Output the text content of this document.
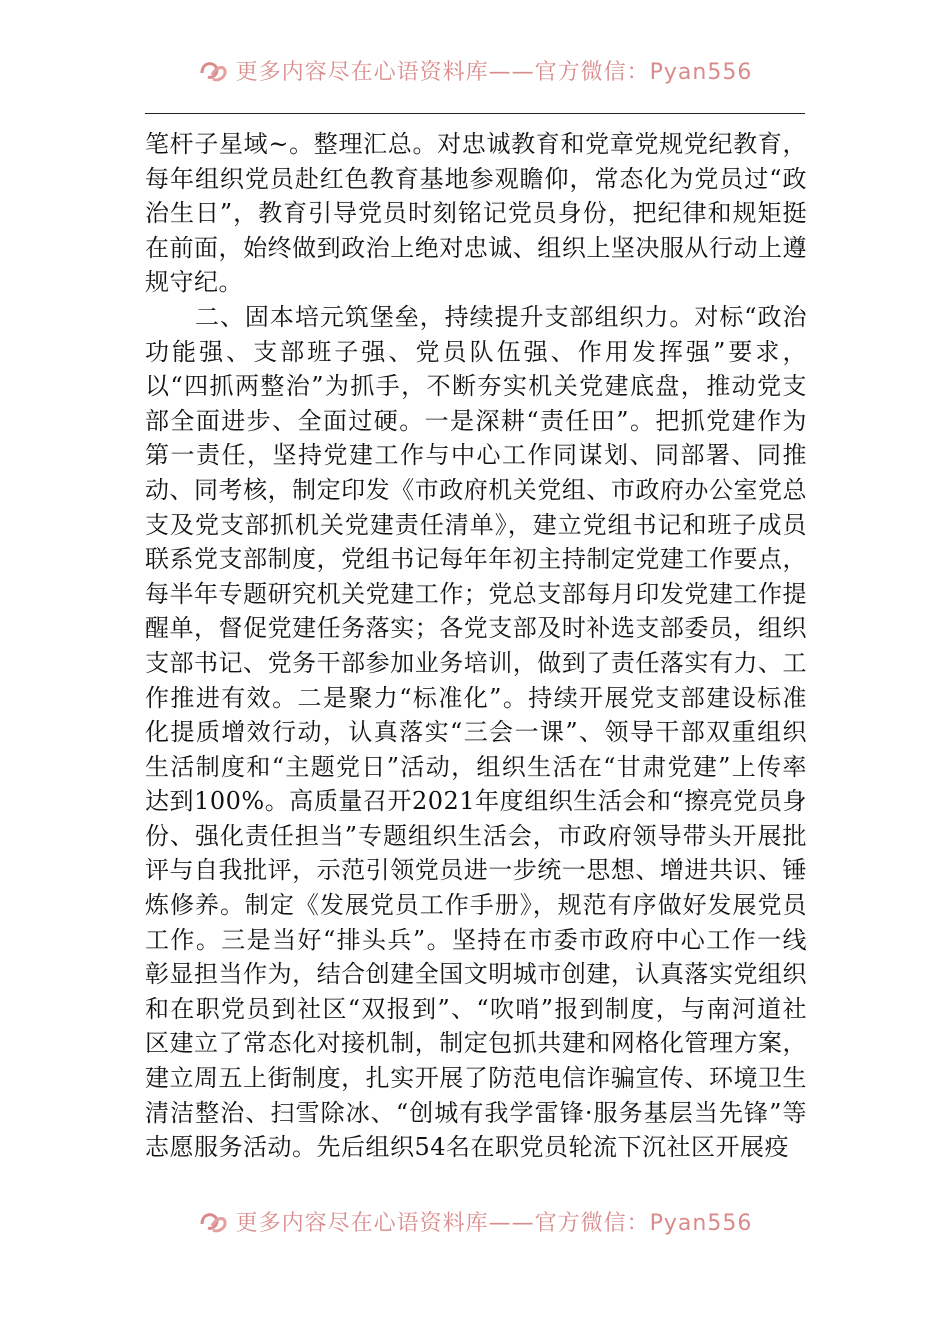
更多内容尽在心语资料库——官方微信：Pyan556

笔杆子星域~。整理汇总。对忠诚教育和党章党规党纪教育，每年组织党员赴红色教育基地参观瞻仰，常态化为党员过“政治生日”，教育引导党员时刻铭记党员身份，把纪律和规矩挺在前面，始终做到政治上绝对忠诚、组织上坚决服从行动上遵规守纪。

二、固本培元筑堡垒，持续提升支部组织力。对标“政治功能强、支部班子强、党员队伍强、作用发挥强”要求，以“四抓两整治”为抓手，不断夯实机关党建底盘，推动党支部全面进步、全面过硬。一是深耕“责任田”。把抓党建作为第一责任，坚持党建工作与中心工作同谋划、同部署、同推动、同考核，制定印发《市政府机关党组、市政府办公室党总支及党支部抓机关党建责任清单》，建立党组书记和班子成员联系党支部制度，党组书记每年年初主持制定党建工作要点，每半年专题研究机关党建工作；党总支部每月印发党建工作提醒单，督促党建任务落实；各党支部及时补选支部委员，组织支部书记、党务干部参加业务培训，做到了责任落实有力、工作推进有效。二是聚力“标准化”。持续开展党支部建设标准化提质增效行动，认真落实“三会一课”、领导干部双重组织生活制度和“主题党日”活动，组织生活在“甘肃党建”上传率达到100%。高质量召开2021年度组织生活会和“擦亮党员身份、强化责任担当”专题组织生活会，市政府领导带头开展批评与自我批评，示范引领党员进一步统一思想、增进共识、锤炼修养。制定《发展党员工作手册》，规范有序做好发展党员工作。三是当好“排头兵”。坚持在市委市政府中心工作一线彰显担当作为，结合创建全国文明城市创建，认真落实党组织和在职党员到社区“双报到”、“吹哨”报到制度，与南河道社区建立了常态化对接机制，制定包抓共建和网格化管理方案，建立周五上街制度，扎实开展了防范电信诈骗宣传、环境卫生清洁整治、扫雪除冰、“创城有我学雷锋·服务基层当先锋”等志愿服务活动。先后组织54名在职党员轮流下沉社区开展疫

更多内容尽在心语资料库——官方微信：Pyan556
